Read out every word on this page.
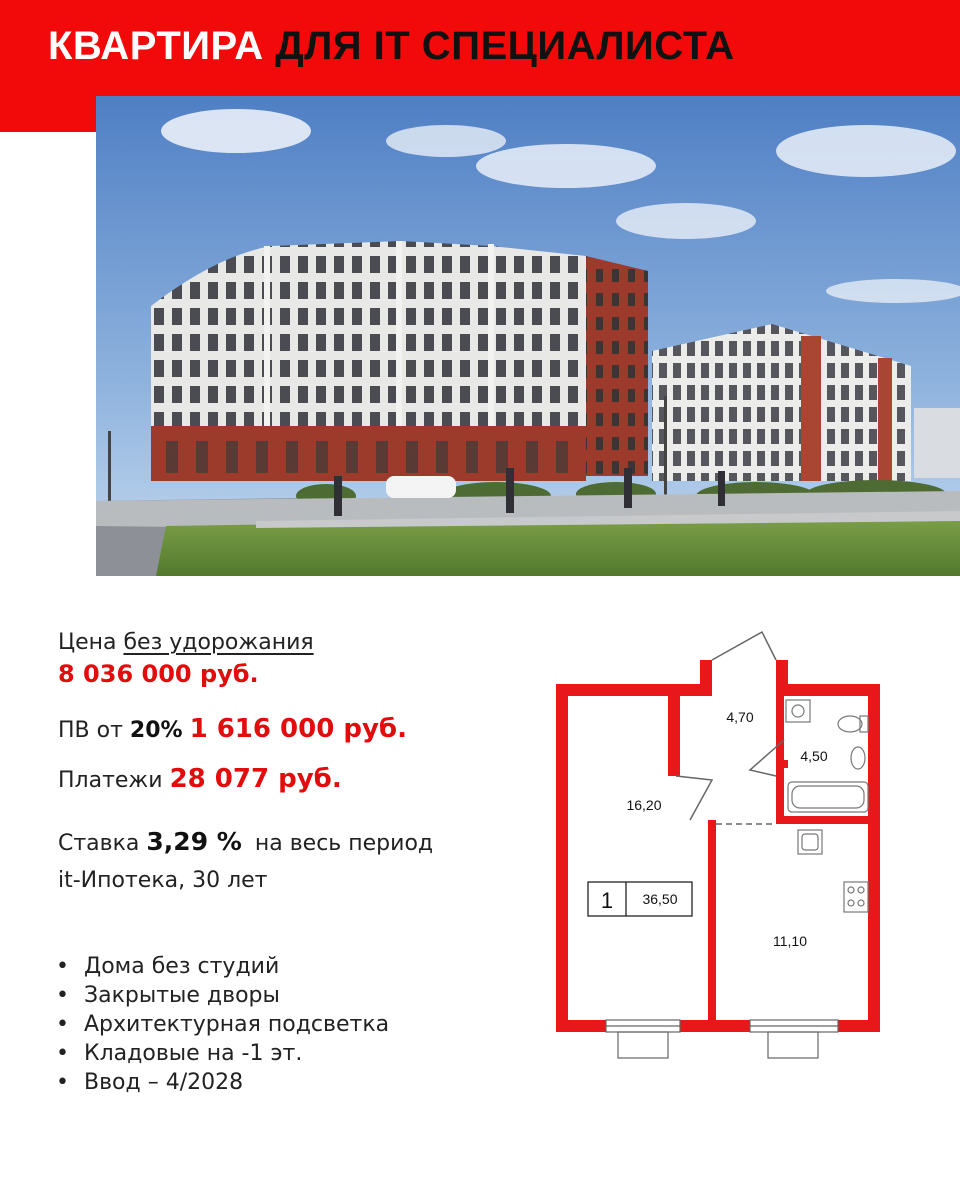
КВАРТИРА ДЛЯ IT СПЕЦИАЛИСТА
Цена без удорожания
8 036 000 руб.
ПВ от 20% 1 616 000 руб.
Платежи 28 077 руб.
Ставка 3,29 % на весь период
it-Ипотека, 30 лет
• Дома без студий
• Закрытые дворы
• Архитектурная подсветка
• Кладовые на -1 эт.
• Ввод – 4/2028
4,70
4,50
16,20
11,10
1 36,50
